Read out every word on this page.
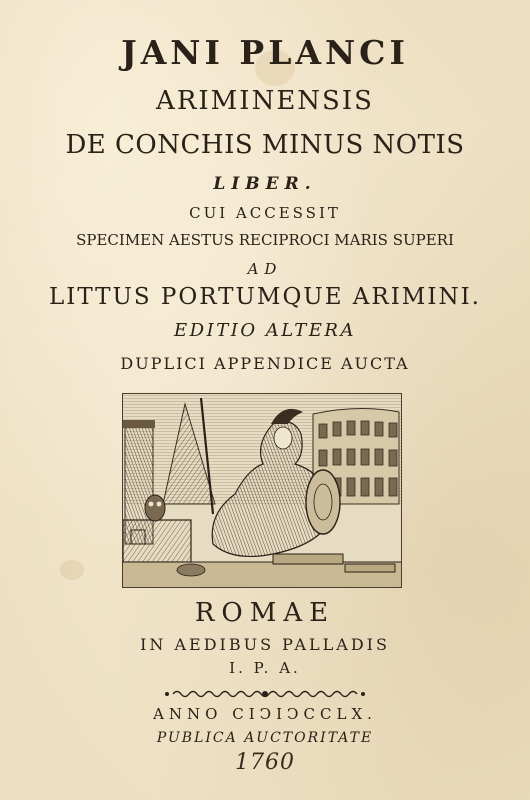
JANI PLANCI
ARIMINENSIS
DE CONCHIS MINUS NOTIS
LIBER.
CUI ACCESSIT
SPECIMEN AESTUS RECIPROCI MARIS SUPERI
AD
LITTUS PORTUMQUE ARIMINI.
EDITIO ALTERA
DUPLICI APPENDICE AUCTA
ROMAE
IN AEDIBUS PALLADIS
I. P. A.
ANNO CIↃIↃCCLX.
PUBLICA AUCTORITATE
1760
